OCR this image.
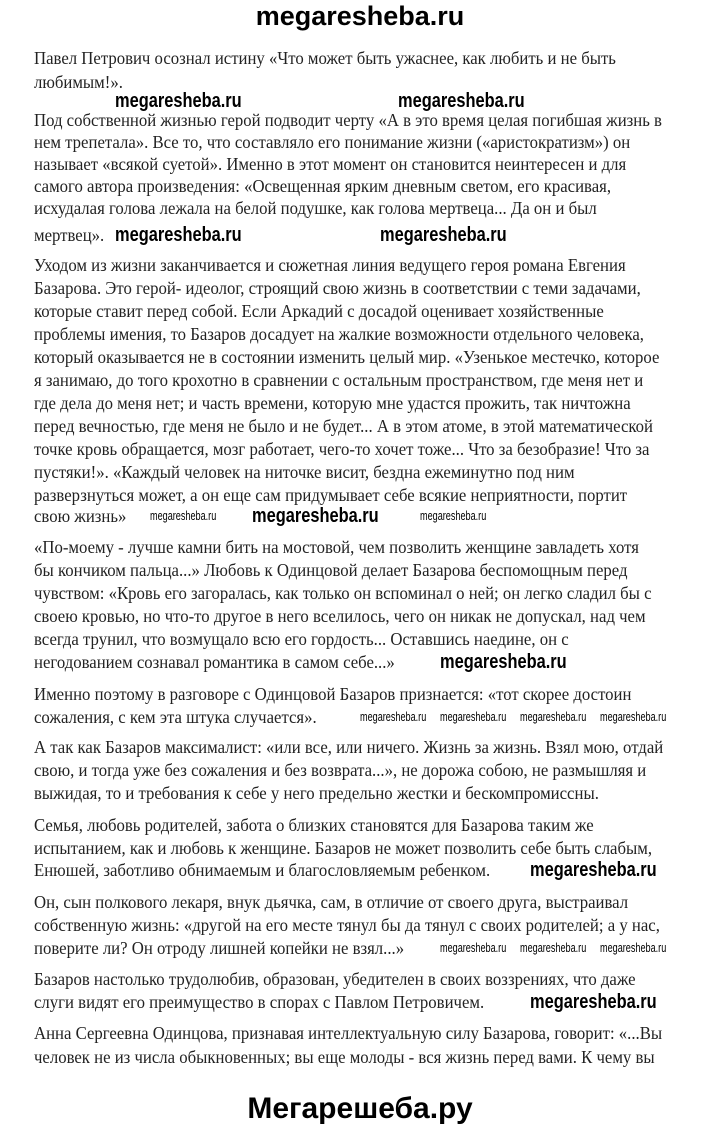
megaresheba.ru
Павел Петрович осознал истину «Что может быть ужаснее, как любить и не быть
любимым!».
Под собственной жизнью герой подводит черту «А в это время целая погибшая жизнь в
нем трепетала». Все то, что составляло его понимание жизни («аристократизм») он
называет «всякой суетой». Именно в этот момент он становится неинтересен и для
самого автора произведения: «Освещенная ярким дневным светом, его красивая,
исхудалая голова лежала на белой подушке, как голова мертвеца... Да он и был
мертвец».
Уходом из жизни заканчивается и сюжетная линия ведущего героя романа Евгения
Базарова. Это герой- идеолог, строящий свою жизнь в соответствии с теми задачами,
которые ставит перед собой. Если Аркадий с досадой оценивает хозяйственные
проблемы имения, то Базаров досадует на жалкие возможности отдельного человека,
который оказывается не в состоянии изменить целый мир. «Узенькое местечко, которое
я занимаю, до того крохотно в сравнении с остальным пространством, где меня нет и
где дела до меня нет; и часть времени, которую мне удастся прожить, так ничтожна
перед вечностью, где меня не было и не будет... А в этом атоме, в этой математической
точке кровь обращается, мозг работает, чего-то хочет тоже... Что за безобразие! Что за
пустяки!». «Каждый человек на ниточке висит, бездна ежеминутно под ним
разверзнуться может, а он еще сам придумывает себе всякие неприятности, портит
свою жизнь»
«По-моему - лучше камни бить на мостовой, чем позволить женщине завладеть хотя
бы кончиком пальца...» Любовь к Одинцовой делает Базарова беспомощным перед
чувством: «Кровь его загоралась, как только он вспоминал о ней; он легко сладил бы с
своею кровью, но что-то другое в него вселилось, чего он никак не допускал, над чем
всегда трунил, что возмущало всю его гордость... Оставшись наедине, он с
негодованием сознавал романтика в самом себе...»
Именно поэтому в разговоре с Одинцовой Базаров признается: «тот скорее достоин
сожаления, с кем эта штука случается».
А так как Базаров максималист: «или все, или ничего. Жизнь за жизнь. Взял мою, отдай
свою, и тогда уже без сожаления и без возврата...», не дорожа собою, не размышляя и
выжидая, то и требования к себе у него предельно жестки и бескомпромиссны.
Семья, любовь родителей, забота о близких становятся для Базарова таким же
испытанием, как и любовь к женщине. Базаров не может позволить себе быть слабым,
Енюшей, заботливо обнимаемым и благословляемым ребенком.
Он, сын полкового лекаря, внук дьячка, сам, в отличие от своего друга, выстраивал
собственную жизнь: «другой на его месте тянул бы да тянул с своих родителей; а у нас,
поверите ли? Он отроду лишней копейки не взял...»
Базаров настолько трудолюбив, образован, убедителен в своих воззрениях, что даже
слуги видят его преимущество в спорах с Павлом Петровичем.
Анна Сергеевна Одинцова, признавая интеллектуальную силу Базарова, говорит: «...Вы
человек не из числа обыкновенных; вы еще молоды - вся жизнь перед вами. К чему вы
megaresheba.ru	megaresheba.ru
megaresheba.ru	megaresheba.ru
megaresheba.ru
megaresheba.ru
megaresheba.ru
megaresheba.ru
megaresheba.ru megaresheba.ru megaresheba.ru
megaresheba.ru
megaresheba.ru
megaresheba.ru
megaresheba.ru megaresheba.ru megaresheba.ru
Мегарешеба.ру
